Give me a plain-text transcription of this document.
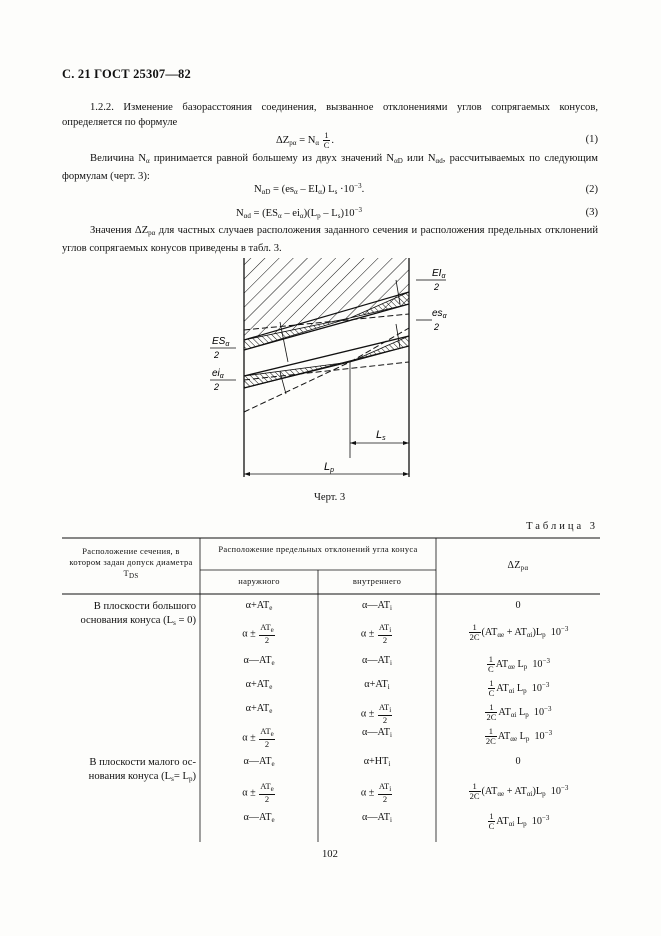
С. 21 ГОСТ 25307—82
1.2.2. Изменение базорасстояния соединения, вызванное отклонениями углов сопрягаемых конусов, определяется по формуле
$\Delta Z_{p\alpha} = N_\alpha \frac{1}{C}$ .	(1)
Величина $N_\alpha$ принимается равной большему из двух значений $N_{\alpha D}$ или $N_{\alpha d}$, рассчитываемых по следующим формулам (черт. 3):
$N_{\alpha D} = (es_\alpha - EI_\alpha)$ $L_s \cdot 10^{-3}$.	(2)
$N_{\alpha d} = (ES_\alpha - ei_\alpha)(L_p - L_s)10^{-3}$	(3)
Значения $\Delta Z_{p\alpha}$ для частных случаев расположения заданного сечения и расположения предельных отклонений углов сопрягаемых конусов приведены в табл. 3.
$EI_\alpha$
2
$es_\alpha$
2
$ES_\alpha$
2
$ei_\alpha$
2
Ls
Lp
Черт. 3
Таблица 3
Расположение сечения, в котором задан допуск диаметра $T_{DS}$
Расположение предельных отклонений угла конуса
наружного	внутреннего
$\Delta Z_{p\alpha}$
В плоскости большого
основания конуса $(L_s = 0)$
В плоскости малого ос-
нования конуса $(L_s= L_p)$
$\alpha+AT_e$	$\alpha—AT_i$	0
$\alpha \pm \frac{AT_e}{2}$	$\alpha \pm \frac{AT_i}{2}$	$\frac{1}{2C} (AT_{\alpha e} + AT_{\alpha i})L_p$  $10^{-3}$
$\alpha—AT_e$	$\alpha—AT_i$	$\frac{1}{C} AT_{\alpha e}$ $L_p$  $10^{-3}$
$\alpha+AT_e$	$\alpha+AT_i$	$\frac{1}{C} AT_{\alpha i}$ $L_p$  $10^{-3}$
$\alpha+AT_e$	$\alpha \pm \frac{AT_i}{2}$	$\frac{1}{2C} AT_{\alpha i}$ $L_p$  $10^{-3}$
$\alpha \pm \frac{AT_e}{2}$	$\alpha—AT_i$	$\frac{1}{2C} AT_{\alpha e}$ $L_p$  $10^{-3}$
$\alpha—AT_e$	$\alpha+HT_i$	0
$\alpha \pm \frac{AT_e}{2}$	$\alpha \pm \frac{AT_i}{2}$	$\frac{1}{2C} (AT_{\alpha e} + AT_{\alpha i})L_p$  $10^{-3}$
$\alpha—AT_e$	$\alpha—AT_i$	$\frac{1}{C} AT_{\alpha i}$ $L_p$  $10^{-3}$
102
